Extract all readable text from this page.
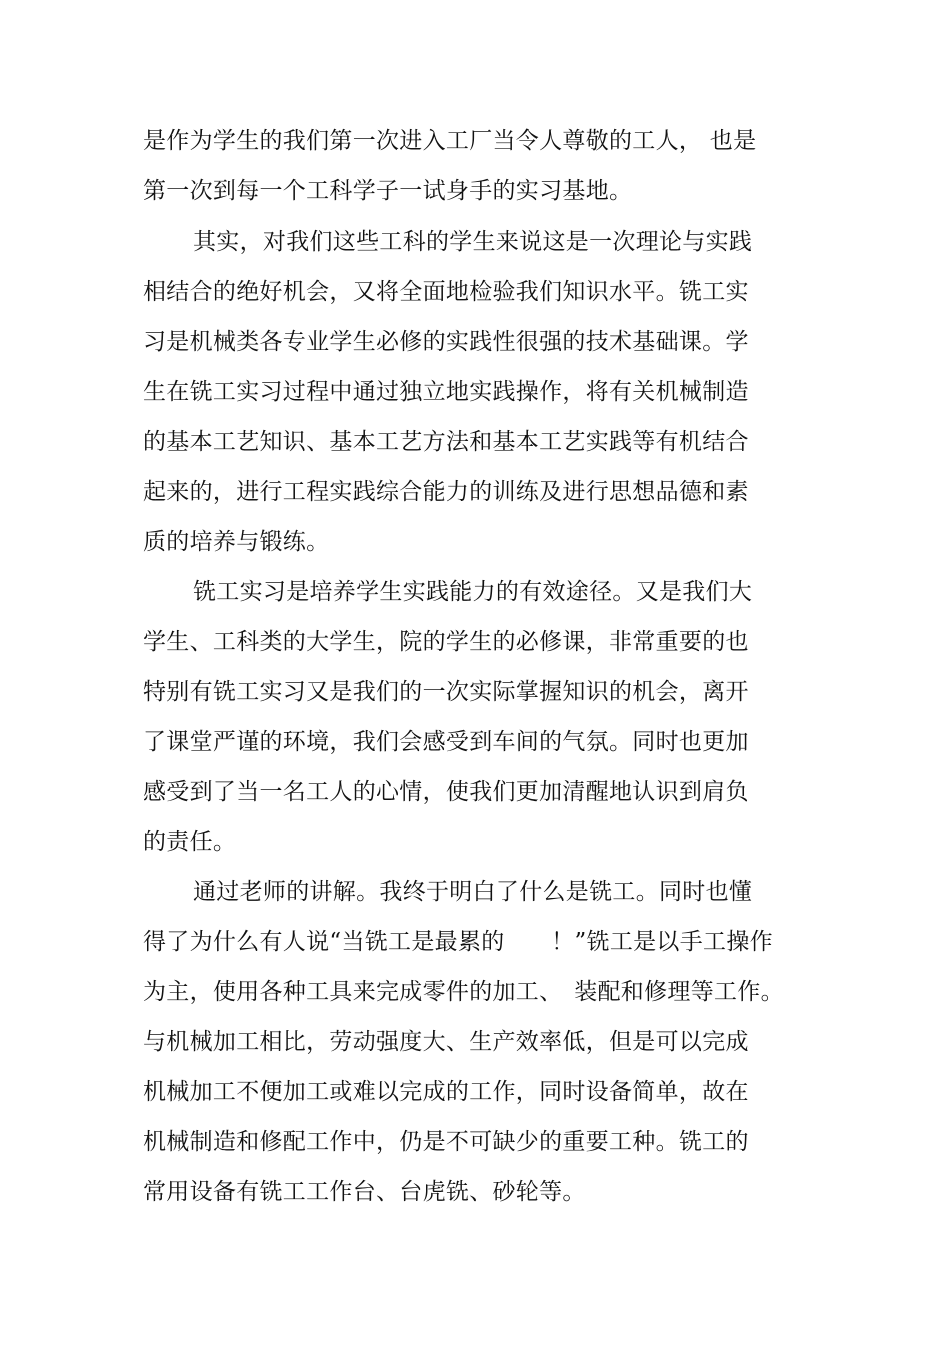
是作为学生的我们第一次进入工厂当令人尊敬的工人， 也是
第一次到每一个工科学子一试身手的实习基地。
其实，对我们这些工科的学生来说这是一次理论与实践
相结合的绝好机会，又将全面地检验我们知识水平。铣工实
习是机械类各专业学生必修的实践性很强的技术基础课。学
生在铣工实习过程中通过独立地实践操作，将有关机械制造
的基本工艺知识、基本工艺方法和基本工艺实践等有机结合
起来的，进行工程实践综合能力的训练及进行思想品德和素
质的培养与锻练。
铣工实习是培养学生实践能力的有效途径。又是我们大
学生、工科类的大学生，院的学生的必修课，非常重要的也
特别有铣工实习又是我们的一次实际掌握知识的机会，离开
了课堂严谨的环境，我们会感受到车间的气氛。同时也更加
感受到了当一名工人的心情，使我们更加清醒地认识到肩负
的责任。
通过老师的讲解。我终于明白了什么是铣工。同时也懂
得了为什么有人说“当铣工是最累的　　！”铣工是以手工操作
为主，使用各种工具来完成零件的加工、　装配和修理等工作。
与机械加工相比，劳动强度大、生产效率低，但是可以完成
机械加工不便加工或难以完成的工作，同时设备简单，故在
机械制造和修配工作中，仍是不可缺少的重要工种。铣工的
常用设备有铣工工作台、台虎铣、砂轮等。
